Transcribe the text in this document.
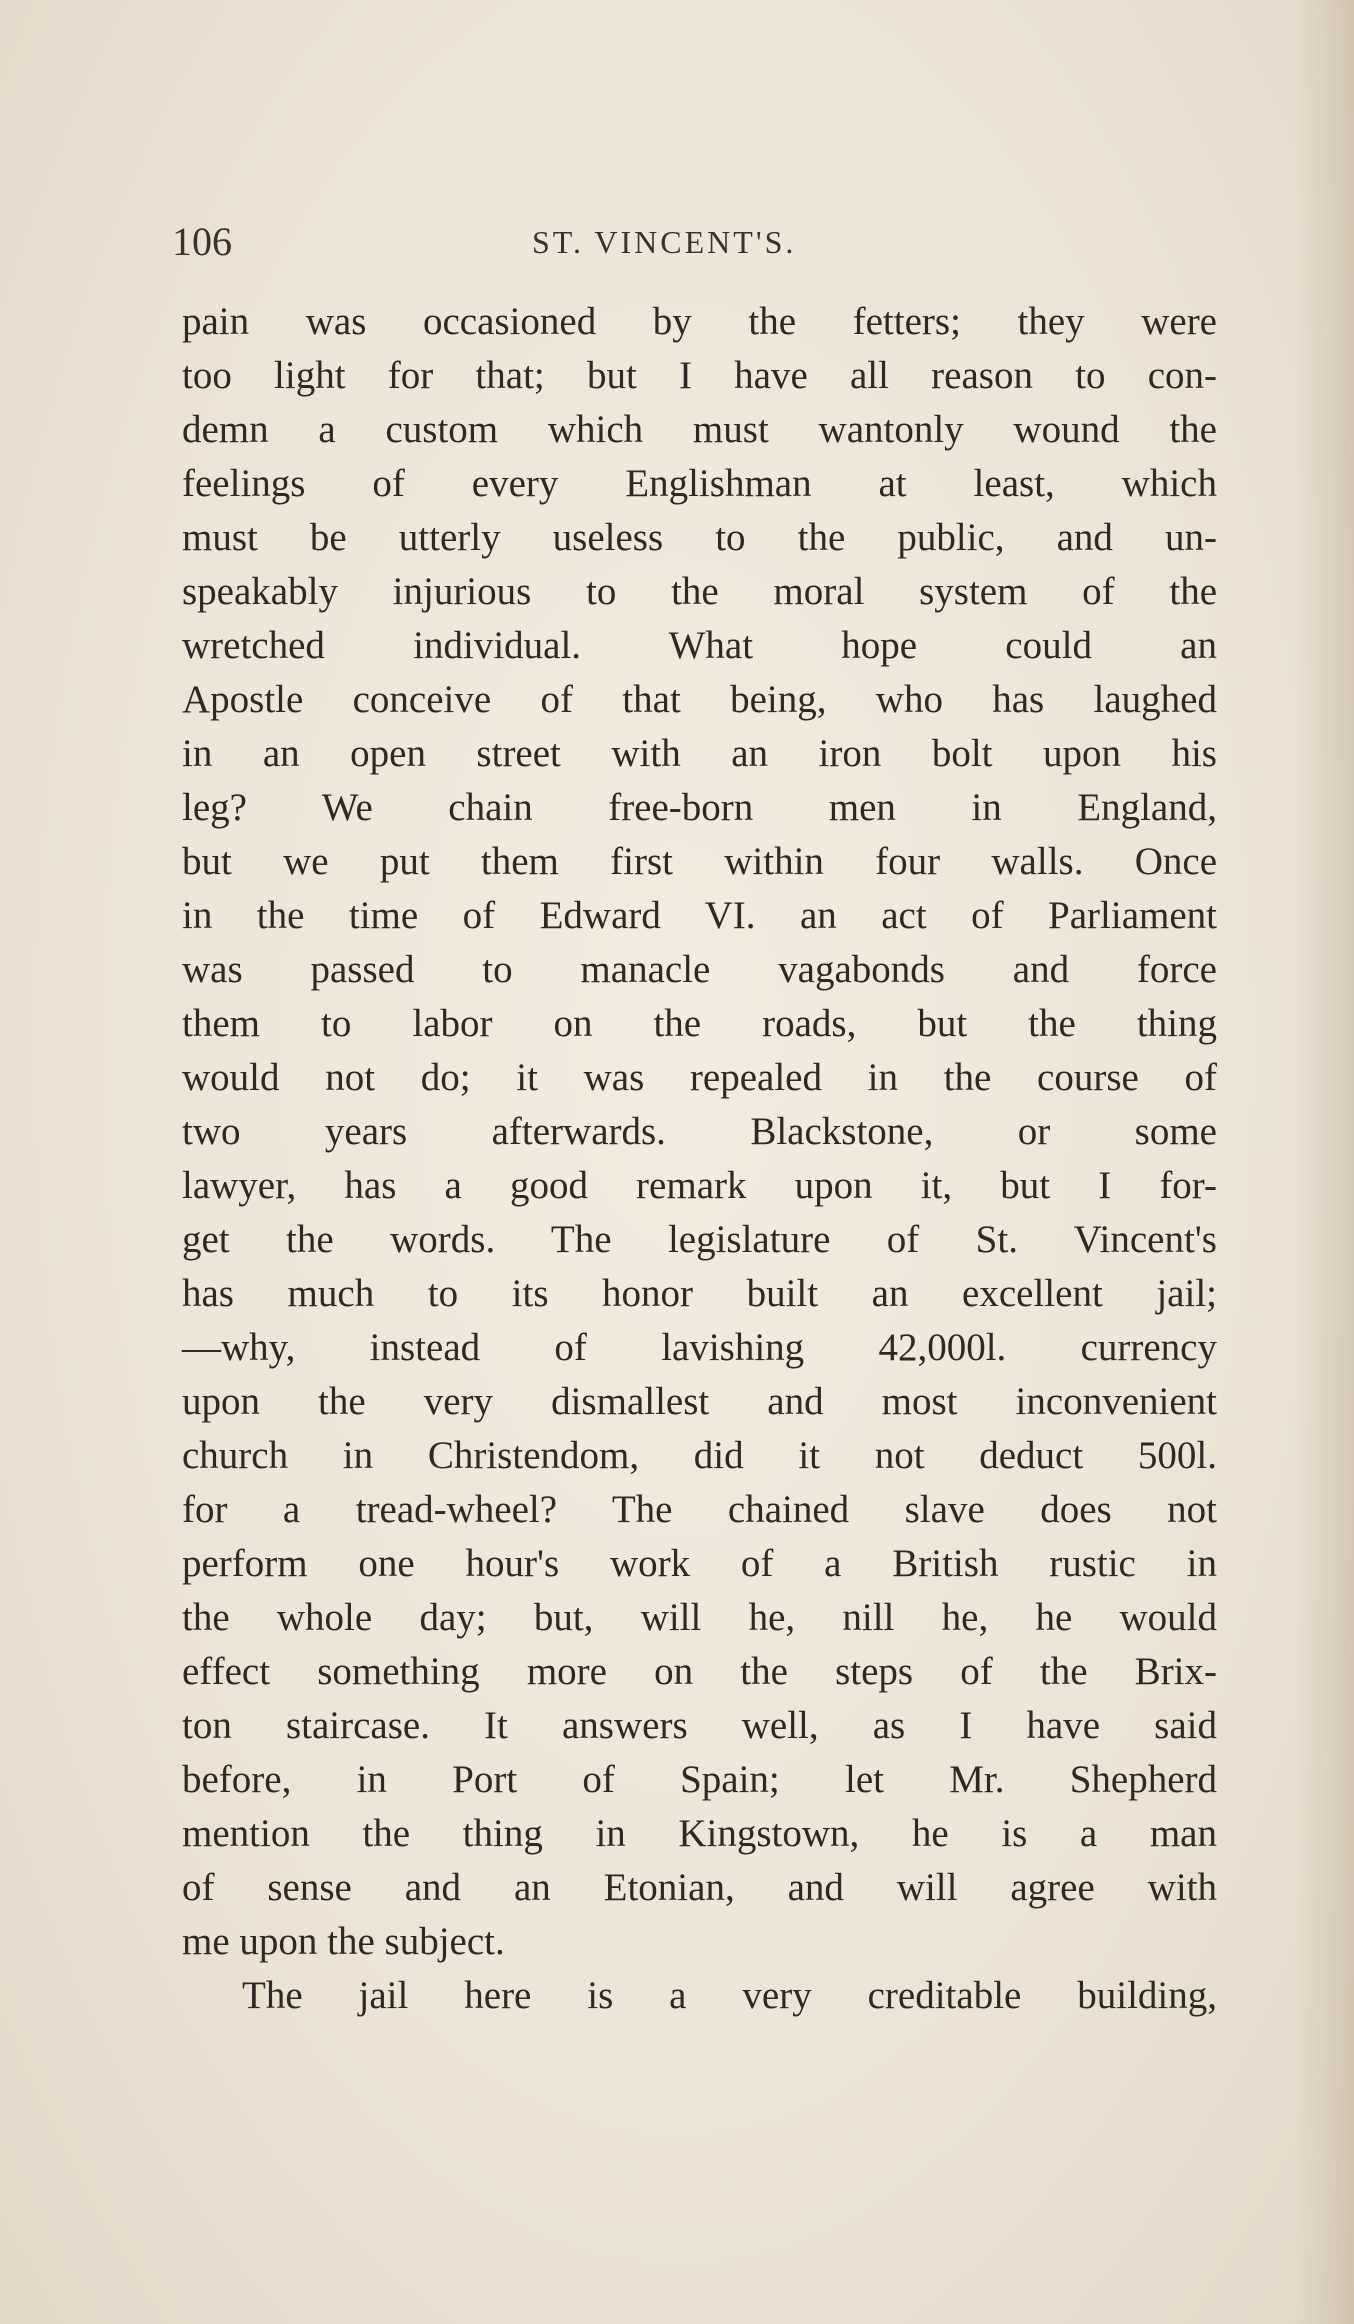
106	ST. VINCENT'S.
pain was occasioned by the fetters; they were
too light for that; but I have all reason to con-
demn a custom which must wantonly wound the
feelings of every Englishman at least, which
must be utterly useless to the public, and un-
speakably injurious to the moral system of the
wretched individual. What hope could an
Apostle conceive of that being, who has laughed
in an open street with an iron bolt upon his
leg? We chain free-born men in England,
but we put them first within four walls. Once
in the time of Edward VI. an act of Parliament
was passed to manacle vagabonds and force
them to labor on the roads, but the thing
would not do; it was repealed in the course of
two years afterwards. Blackstone, or some
lawyer, has a good remark upon it, but I for-
get the words. The legislature of St. Vincent's
has much to its honor built an excellent jail;
—why, instead of lavishing 42,000l. currency
upon the very dismallest and most inconvenient
church in Christendom, did it not deduct 500l.
for a tread-wheel? The chained slave does not
perform one hour's work of a British rustic in
the whole day; but, will he, nill he, he would
effect something more on the steps of the Brix-
ton staircase. It answers well, as I have said
before, in Port of Spain; let Mr. Shepherd
mention the thing in Kingstown, he is a man
of sense and an Etonian, and will agree with
me upon the subject.
The jail here is a very creditable building,
